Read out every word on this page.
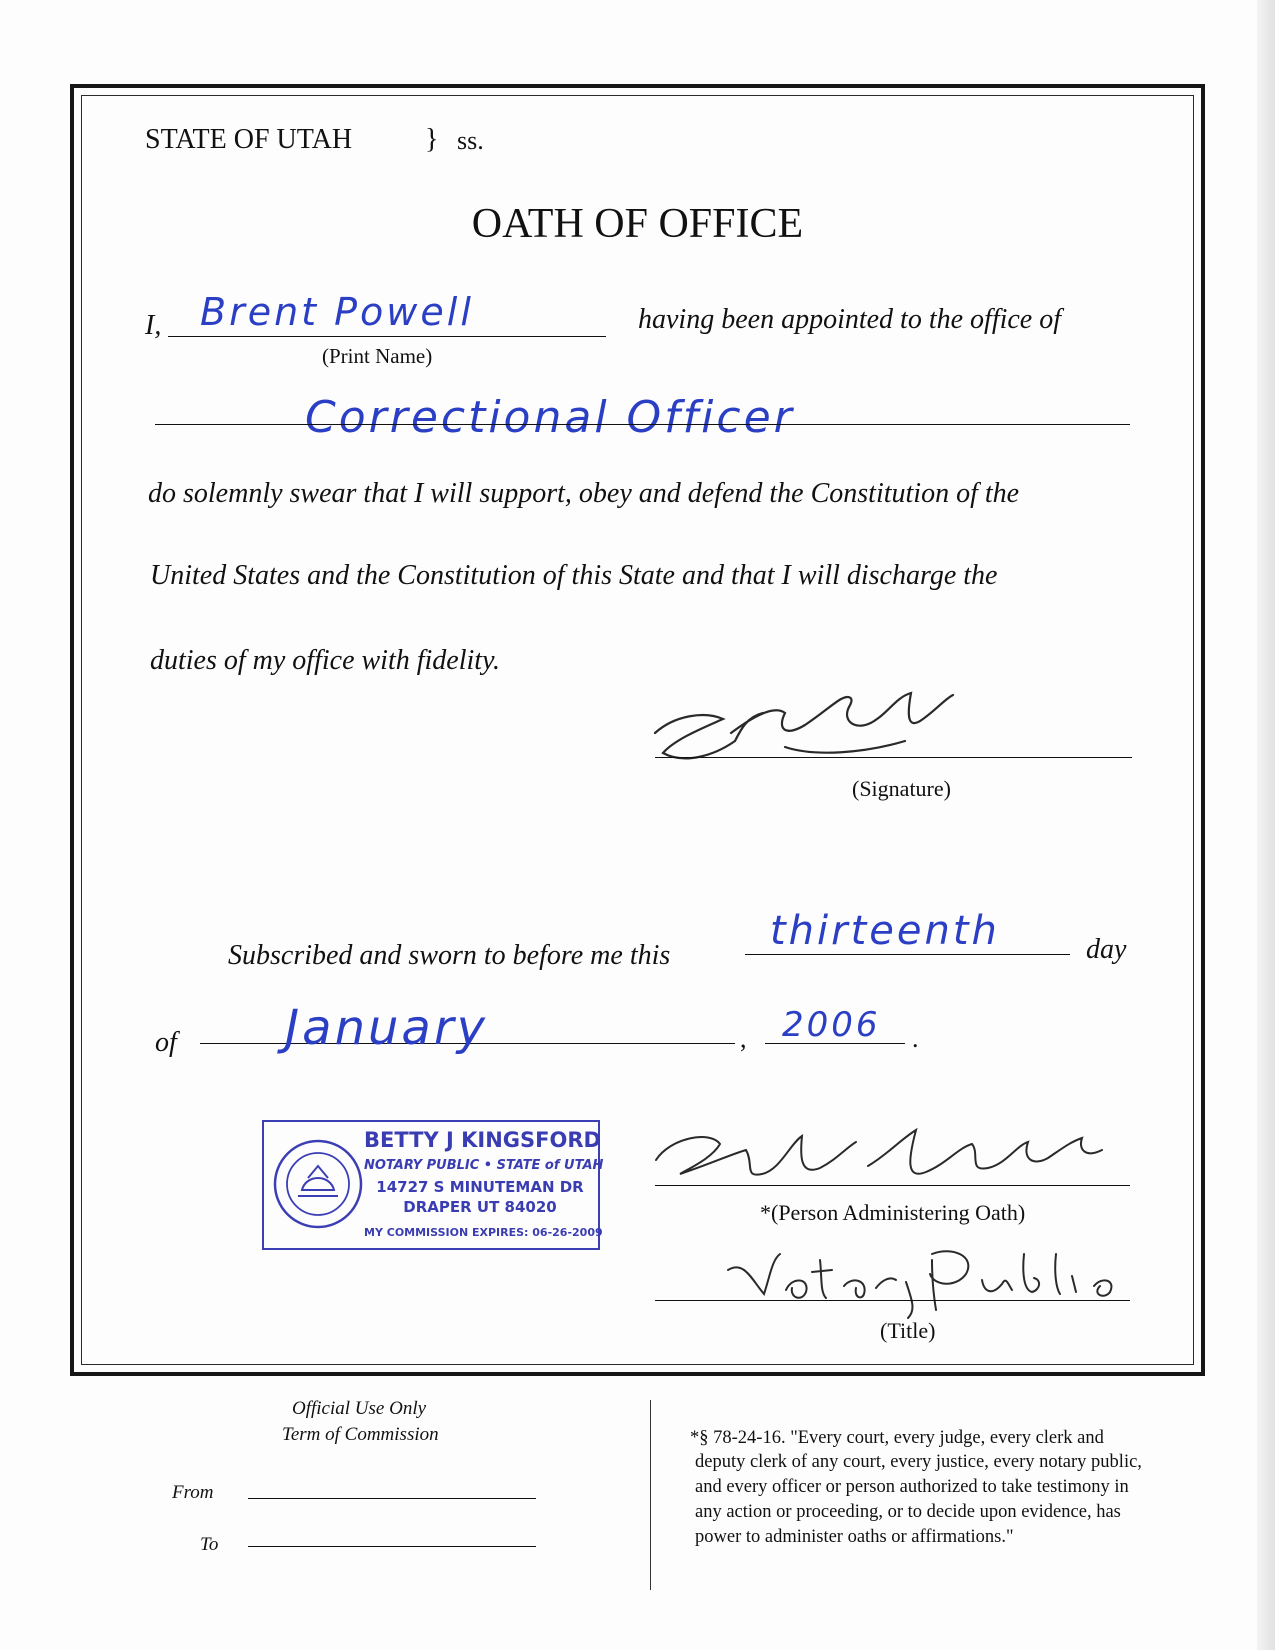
STATE OF UTAH	} ss.
OATH OF OFFICE
I, Brent Powell
(Print Name)
having been appointed to the office of
Correctional Officer
do solemnly swear that I will support, obey and defend the Constitution of the
United States and the Constitution of this State and that I will discharge the
duties of my office with fidelity.
(Signature)
Subscribed and sworn to before me this
thirteenth	day
of January	, 2006 .
BETTY J KINGSFORD
NOTARY PUBLIC • STATE of UTAH
14727 S MINUTEMAN DR
DRAPER UT 84020
MY COMMISSION EXPIRES: 06-26-2009
*(Person Administering Oath)
(Title)
Official Use Only
Term of Commission
From
To
*§ 78-24-16. "Every court, every judge, every clerk and
deputy clerk of any court, every justice, every notary public,
and every officer or person authorized to take testimony in
any action or proceeding, or to decide upon evidence, has
power to administer oaths or affirmations."
